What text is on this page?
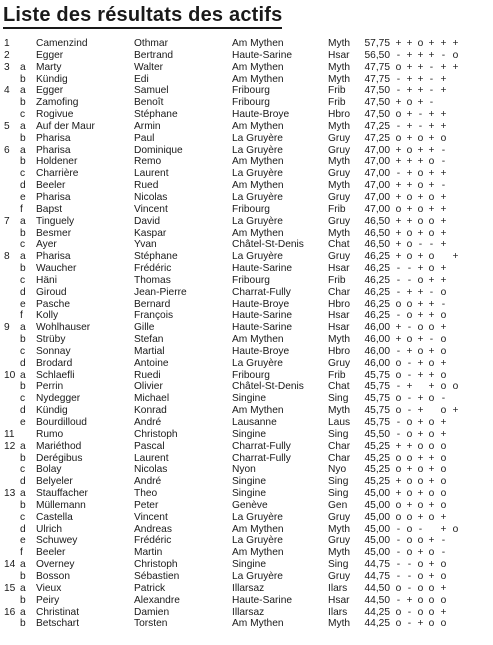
Liste des résultats des actifs
1	Camenzind	Othmar	Am Mythen	Myth	57,75 + + o + + +
2	Egger	Bertrand	Haute-Sarine	Hsar	56,50 - + + + - o
3	a	Marty	Walter	Am Mythen	Myth	47,75 o + + - + +
b	Kündig	Edi	Am Mythen	Myth	47,75 - + + - +
4	a	Egger	Samuel	Fribourg	Frib	47,50 - + + - +
b	Zamofing	Benoît	Fribourg	Frib	47,50 + o + -
c	Rogivue	Stéphane	Haute-Broye	Hbro	47,50 o + - + +
5	a	Auf der Maur	Armin	Am Mythen	Myth	47,25 - + - + +
b	Pharisa	Paul	La Gruyère	Gruy	47,25 o + o + o
6	a	Pharisa	Dominique	La Gruyère	Gruy	47,00 + o + + -
b	Holdener	Remo	Am Mythen	Myth	47,00 + + + o -
c	Charrière	Laurent	La Gruyère	Gruy	47,00 - + o + +
d	Beeler	Rued	Am Mythen	Myth	47,00 + + o + -
e	Pharisa	Nicolas	La Gruyère	Gruy	47,00 + o + o +
f	Bapst	Vincent	Fribourg	Frib	47,00 o + o + +
7	a	Tinguely	David	La Gruyère	Gruy	46,50 + + o o +
b	Besmer	Kaspar	Am Mythen	Myth	46,50 + o + o +
c	Ayer	Yvan	Châtel-St-Denis	Chat	46,50 + o - - +
8	a	Pharisa	Stéphane	La Gruyère	Gruy	46,25 + o + o +
b	Waucher	Frédéric	Haute-Sarine	Hsar	46,25 - - + o +
c	Häni	Thomas	Fribourg	Frib	46,25 - - o + +
d	Giroud	Jean-Pierre	Charrat-Fully	Char	46,25 - + + - o
e	Pasche	Bernard	Haute-Broye	Hbro	46,25 o o + + -
f	Kolly	François	Haute-Sarine	Hsar	46,25 - o + + o
9	a	Wohlhauser	Gille	Haute-Sarine	Hsar	46,00 + - o o +
b	Strüby	Stefan	Am Mythen	Myth	46,00 + o + - o
c	Sonnay	Martial	Haute-Broye	Hbro	46,00 - + o + o
d	Brodard	Antoine	La Gruyère	Gruy	46,00 o - + o +
10 a	Schlaefli	Ruedi	Fribourg	Frib	45,75 o - + + o
b	Perrin	Olivier	Châtel-St-Denis	Chat	45,75 - + + o o
c	Nydegger	Michael	Singine	Sing	45,75 o - + o -
d	Kündig	Konrad	Am Mythen	Myth	45,75 o - + o +
e	Bourdilloud	André	Lausanne	Laus	45,75 - o + o +
11	Rumo	Christoph	Singine	Sing	45,50 - o + o +
12 a	Mariéthod	Pascal	Charrat-Fully	Char	45,25 + + o o o
b	Derégibus	Laurent	Charrat-Fully	Char	45,25 o o + + o
c	Bolay	Nicolas	Nyon	Nyo	45,25 o + o + o
d	Belyeler	André	Singine	Sing	45,25 + o o + o
13 a	Stauffacher	Theo	Singine	Sing	45,00 + o + o o
b	Müllemann	Peter	Genève	Gen	45,00 o + o + o
c	Castella	Vincent	La Gruyère	Gruy	45,00 o o + o +
d	Ulrich	Andreas	Am Mythen	Myth	45,00 - o - + o
e	Schuwey	Frédéric	La Gruyère	Gruy	45,00 - o o + -
f	Beeler	Martin	Am Mythen	Myth	45,00 - o + o -
14 a	Overney	Christoph	Singine	Sing	44,75 - - o + o
b	Bosson	Sébastien	La Gruyère	Gruy	44,75 - - o + o
15 a	Vieux	Patrick	Illarsaz	Ilars	44,50 o - o o +
b	Peiry	Alexandre	Haute-Sarine	Hsar	44,50 - + o o o
16 a	Christinat	Damien	Illarsaz	Ilars	44,25 o - o o +
b	Betschart	Torsten	Am Mythen	Myth	44,25 o - + o o
